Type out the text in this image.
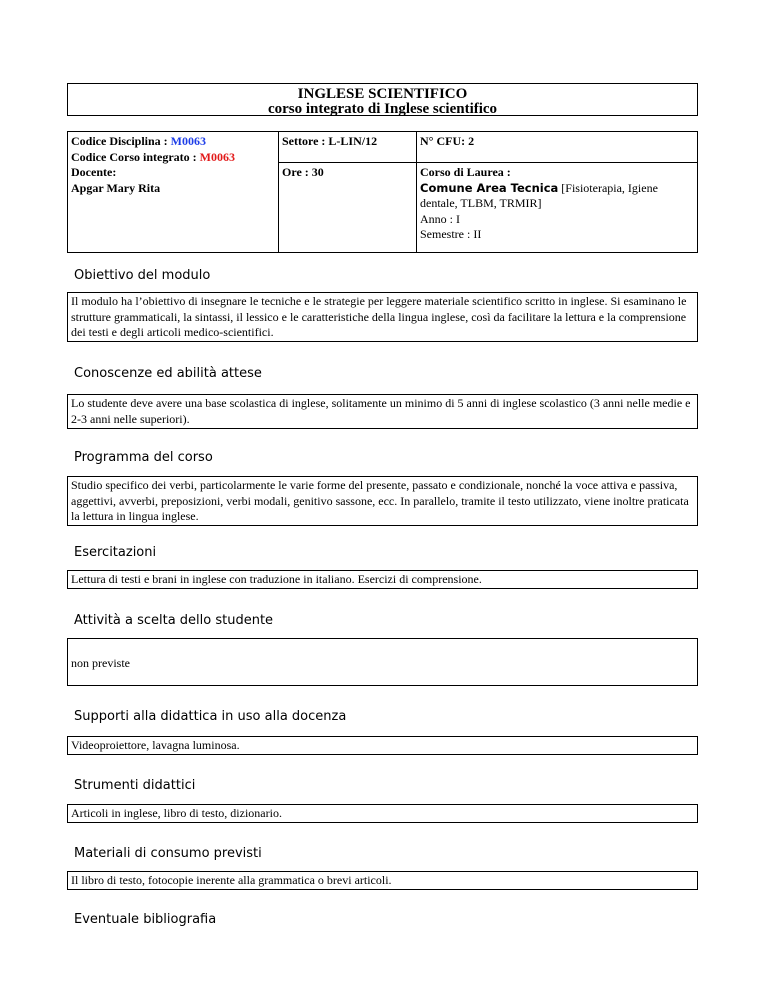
INGLESE SCIENTIFICO
corso integrato di Inglese scientifico
Codice Disciplina : M0063
Codice Corso integrato : M0063
Docente:
Apgar Mary Rita	Settore : L-LIN/12	N° CFU: 2
	Ore : 30	Corso di Laurea :
Comune Area Tecnica [Fisioterapia, Igiene dentale, TLBM, TRMIR]
Anno : I
Semestre : II
Obiettivo del modulo
Il modulo ha l’obiettivo di insegnare le tecniche e le strategie per leggere materiale scientifico scritto in inglese. Si esaminano le strutture grammaticali, la sintassi, il lessico e le caratteristiche della lingua inglese, così da facilitare la lettura e la comprensione dei testi e degli articoli medico-scientifici.
Conoscenze ed abilità attese
Lo studente deve avere una base scolastica di inglese, solitamente un minimo di 5 anni di inglese scolastico (3 anni nelle medie e 2-3 anni nelle superiori).
Programma del corso
Studio specifico dei verbi, particolarmente le varie forme del presente, passato e condizionale, nonché la voce attiva e passiva, aggettivi, avverbi, preposizioni, verbi modali, genitivo sassone, ecc. In parallelo, tramite il testo utilizzato, viene inoltre praticata la lettura in lingua inglese.
Esercitazioni
Lettura di testi e brani in inglese con traduzione in italiano. Esercizi di comprensione.
Attività a scelta dello studente
non previste
Supporti alla didattica in uso alla docenza
Videoproiettore, lavagna luminosa.
Strumenti didattici
Articoli in inglese, libro di testo, dizionario.
Materiali di consumo previsti
Il libro di testo, fotocopie inerente alla grammatica o brevi articoli.
Eventuale bibliografia
